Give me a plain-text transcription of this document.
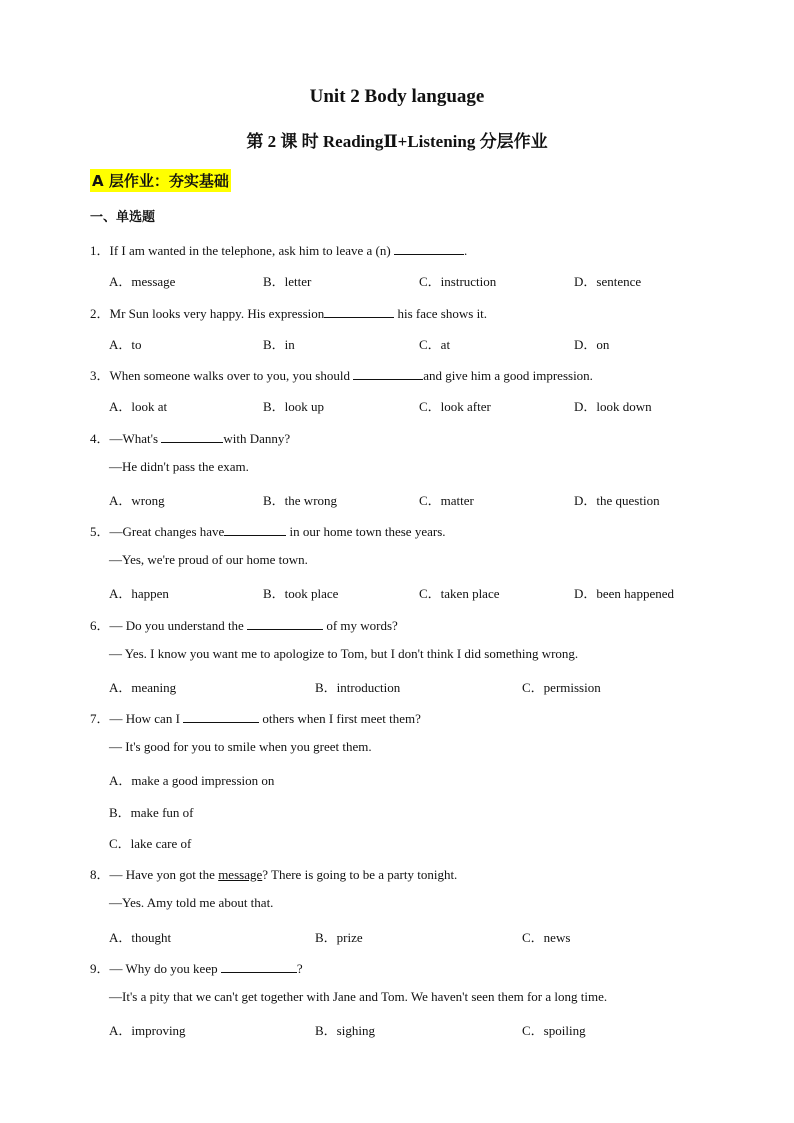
Unit 2 Body language
第 2 课 时 ReadingⅡ+Listening 分层作业
A 层作业：夯实基础
一、单选题
1．If I am wanted in the telephone, ask him to leave a (n)	.
A．message	B．letter	C．instruction	D．sentence
2．Mr Sun looks very happy. His expression	his face shows it.
A．to	B．in	C．at	D．on
3．When someone walks over to you, you should	and give him a good impression.
A．look at	B．look up	C．look after	D．look down
4．—What's	with Danny?
—He didn't pass the exam.
A．wrong	B．the wrong	C．matter	D．the question
5．—Great changes have	in our home town these years.
—Yes, we're proud of our home town.
A．happen	B．took place	C．taken place	D．been happened
6．— Do you understand the	of my words?
— Yes. I know you want me to apologize to Tom, but I don't think I did something wrong.
A．meaning	B．introduction	C．permission
7．— How can I	others when I first meet them?
— It's good for you to smile when you greet them.
A．make a good impression on
B．make fun of
C．lake care of
8．— Have yon got the message? There is going to be a party tonight.
—Yes. Amy told me about that.
A．thought	B．prize	C．news
9．— Why do you keep	?
—It's a pity that we can't get together with Jane and Tom. We haven't seen them for a long time.
A．improving	B．sighing	C．spoiling
